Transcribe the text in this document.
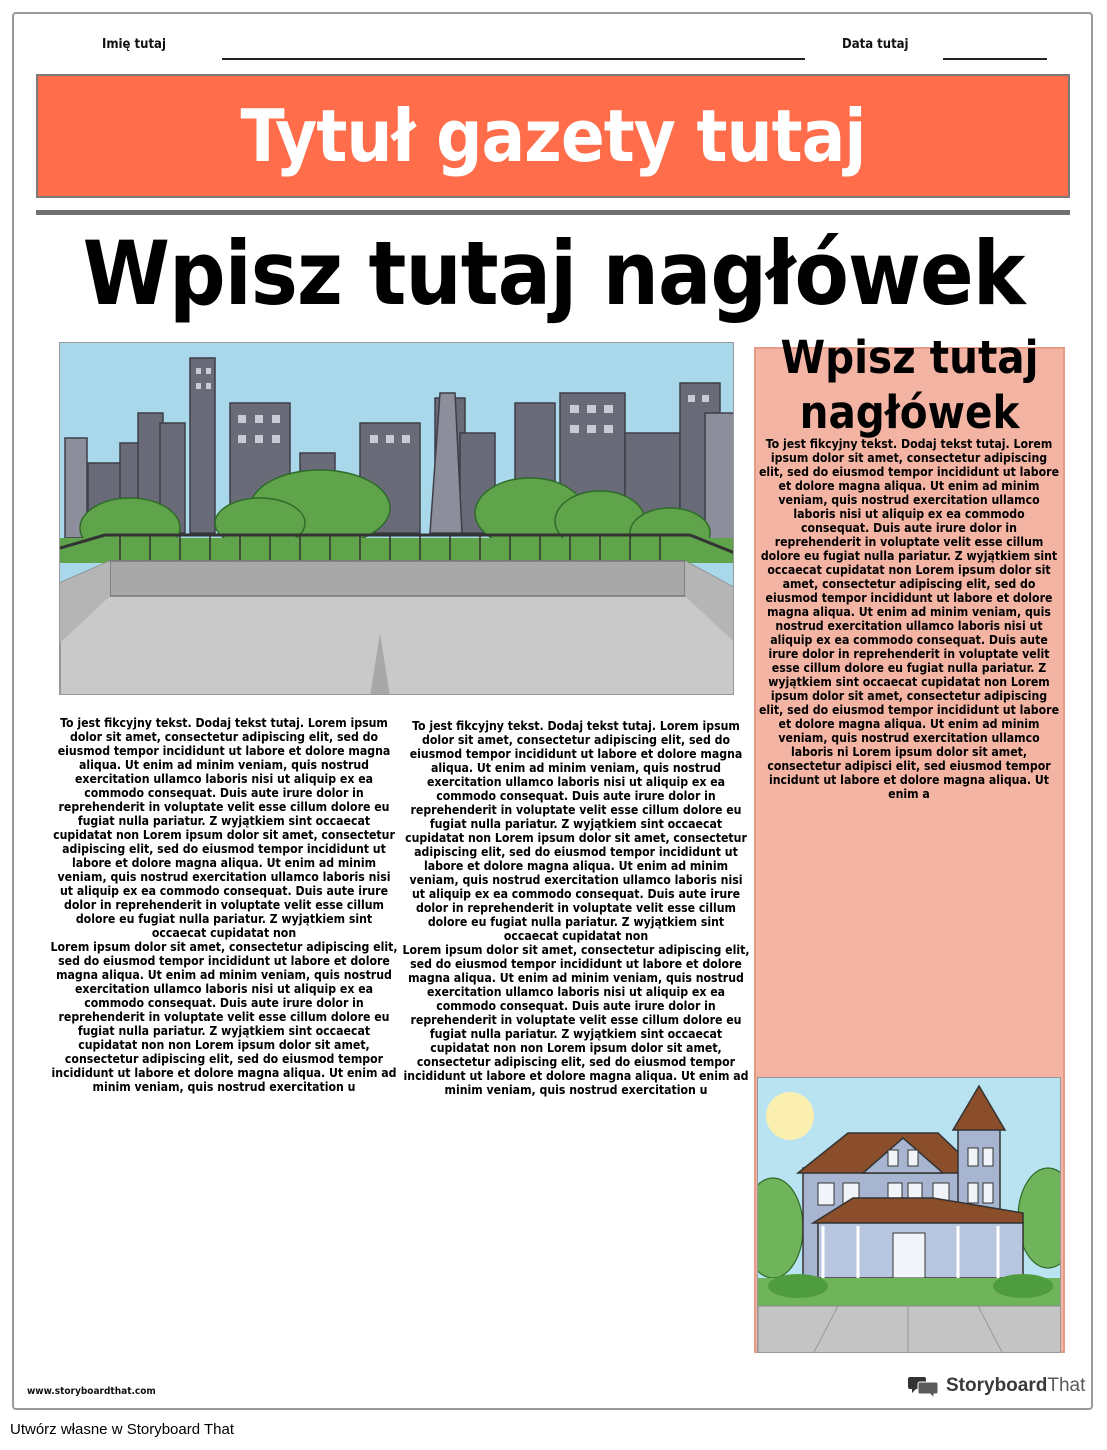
Imię tutaj	Data tutaj
Tytuł gazety tutaj
Wpisz tutaj nagłówek
To jest fikcyjny tekst. Dodaj tekst tutaj. Lorem ipsum dolor sit amet, consectetur adipiscing elit, sed do eiusmod tempor incididunt ut labore et dolore magna aliqua. Ut enim ad minim veniam, quis nostrud exercitation ullamco laboris nisi ut aliquip ex ea commodo consequat. Duis aute irure dolor in reprehenderit in voluptate velit esse cillum dolore eu fugiat nulla pariatur. Z wyjątkiem sint occaecat cupidatat non Lorem ipsum dolor sit amet, consectetur adipiscing elit, sed do eiusmod tempor incididunt ut labore et dolore magna aliqua. Ut enim ad minim veniam, quis nostrud exercitation ullamco laboris nisi ut aliquip ex ea commodo consequat. Duis aute irure dolor in reprehenderit in voluptate velit esse cillum dolore eu fugiat nulla pariatur. Z wyjątkiem sint occaecat cupidatat non
Lorem ipsum dolor sit amet, consectetur adipiscing elit, sed do eiusmod tempor incididunt ut labore et dolore magna aliqua. Ut enim ad minim veniam, quis nostrud exercitation ullamco laboris nisi ut aliquip ex ea commodo consequat. Duis aute irure dolor in reprehenderit in voluptate velit esse cillum dolore eu fugiat nulla pariatur. Z wyjątkiem sint occaecat cupidatat non non Lorem ipsum dolor sit amet, consectetur adipiscing elit, sed do eiusmod tempor incididunt ut labore et dolore magna aliqua. Ut enim ad minim veniam, quis nostrud exercitation u
To jest fikcyjny tekst. Dodaj tekst tutaj. Lorem ipsum dolor sit amet, consectetur adipiscing elit, sed do eiusmod tempor incididunt ut labore et dolore magna aliqua. Ut enim ad minim veniam, quis nostrud exercitation ullamco laboris nisi ut aliquip ex ea commodo consequat. Duis aute irure dolor in reprehenderit in voluptate velit esse cillum dolore eu fugiat nulla pariatur. Z wyjątkiem sint occaecat cupidatat non Lorem ipsum dolor sit amet, consectetur adipiscing elit, sed do eiusmod tempor incididunt ut labore et dolore magna aliqua. Ut enim ad minim veniam, quis nostrud exercitation ullamco laboris nisi ut aliquip ex ea commodo consequat. Duis aute irure dolor in reprehenderit in voluptate velit esse cillum dolore eu fugiat nulla pariatur. Z wyjątkiem sint occaecat cupidatat non
Lorem ipsum dolor sit amet, consectetur adipiscing elit, sed do eiusmod tempor incididunt ut labore et dolore magna aliqua. Ut enim ad minim veniam, quis nostrud exercitation ullamco laboris nisi ut aliquip ex ea commodo consequat. Duis aute irure dolor in reprehenderit in voluptate velit esse cillum dolore eu fugiat nulla pariatur. Z wyjątkiem sint occaecat cupidatat non non Lorem ipsum dolor sit amet, consectetur adipiscing elit, sed do eiusmod tempor incididunt ut labore et dolore magna aliqua. Ut enim ad minim veniam, quis nostrud exercitation u
Wpisz tutaj nagłówek
To jest fikcyjny tekst. Dodaj tekst tutaj. Lorem ipsum dolor sit amet, consectetur adipiscing elit, sed do eiusmod tempor incididunt ut labore et dolore magna aliqua. Ut enim ad minim veniam, quis nostrud exercitation ullamco laboris nisi ut aliquip ex ea commodo consequat. Duis aute irure dolor in reprehenderit in voluptate velit esse cillum dolore eu fugiat nulla pariatur. Z wyjątkiem sint occaecat cupidatat non Lorem ipsum dolor sit amet, consectetur adipiscing elit, sed do eiusmod tempor incididunt ut labore et dolore magna aliqua. Ut enim ad minim veniam, quis nostrud exercitation ullamco laboris nisi ut aliquip ex ea commodo consequat. Duis aute irure dolor in reprehenderit in voluptate velit esse cillum dolore eu fugiat nulla pariatur. Z wyjątkiem sint occaecat cupidatat non Lorem ipsum dolor sit amet, consectetur adipiscing elit, sed do eiusmod tempor incididunt ut labore et dolore magna aliqua. Ut enim ad minim veniam, quis nostrud exercitation ullamco laboris ni Lorem ipsum dolor sit amet, consectetur adipisci elit, sed eiusmod tempor incidunt ut labore et dolore magna aliqua. Ut enim a
www.storyboardthat.com	StoryboardThat
Utwórz własne w Storyboard That
